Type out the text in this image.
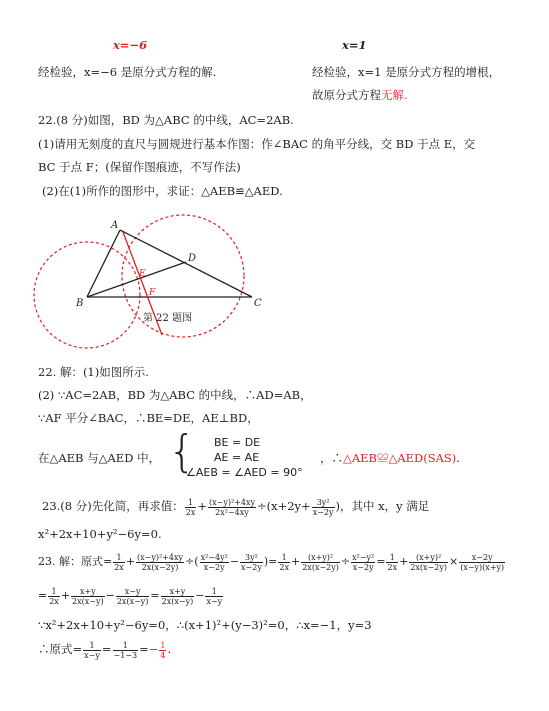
x=−6	x=1
经检验，x=−6 是原分式方程的解.	经检验，x=1 是原分式方程的增根，
故原分式方程无解.
22.(8 分)如图，BD 为△ABC 的中线，AC=2AB.
(1)请用无刻度的直尺与圆规进行基本作图：作∠BAC 的角平分线，交 BD 于点 E，交
BC 于点 F；(保留作图痕迹，不写作法)
(2)在(1)所作的图形中，求证：△AEB≌△AED.
A
B	C
D
E
F
第 22 题图
22. 解：(1)如图所示.
(2) ∵AC=2AB，BD 为△ABC 的中线，∴AD=AB，
∵AF 平分∠BAC，∴BE=DE，AE⊥BD，
在△AEB 与△AED 中， { BE = DE
AE = AE
∠AEB = ∠AED = 90°
，∴△AEB≌△AED(SAS).
23.(8 分)先化简，再求值： $\frac{1}{2x} + \frac{\text{(x−y)²+4xy}}{\text{2x²−4xy}} \div(x+2y+ \frac{\text{3y²}}{x-2y}$ )，其中 x，y 满足
x²+2x+10+y²−6y=0.
23. 解：原式= $\frac{1}{2x} + \frac{\text{(x−y)²+4xy}}{2x(x-2y)}$ ÷( $\frac{\text{x²−4y²}}{x-2y} - \frac{\text{3y²}}{x-2y}$ )= $\frac{1}{2x} + \frac{\text{(x+y)²}}{2x(x-2y)} \div \frac{\text{x²−y²}}{x-2y} = \frac{1}{2x} + \frac{\text{(x+y)²}}{2x(x-2y)} \times \frac{x-2y}{(x-y)(x+y)}$
= $\frac{1}{2x} + \frac{x+y}{2x(x-y)} - \frac{x-y}{2x(x-y)} = \frac{x+y}{2x(x-y)} - \frac{1}{x-y}$
∵x²+2x+10+y²−6y=0，∴(x+1)²+(y−3)²=0，∴x=−1，y=3
∴原式= $\frac{1}{x-y} = \frac{1}{-1-3} =- \frac{1}{4}$ .
